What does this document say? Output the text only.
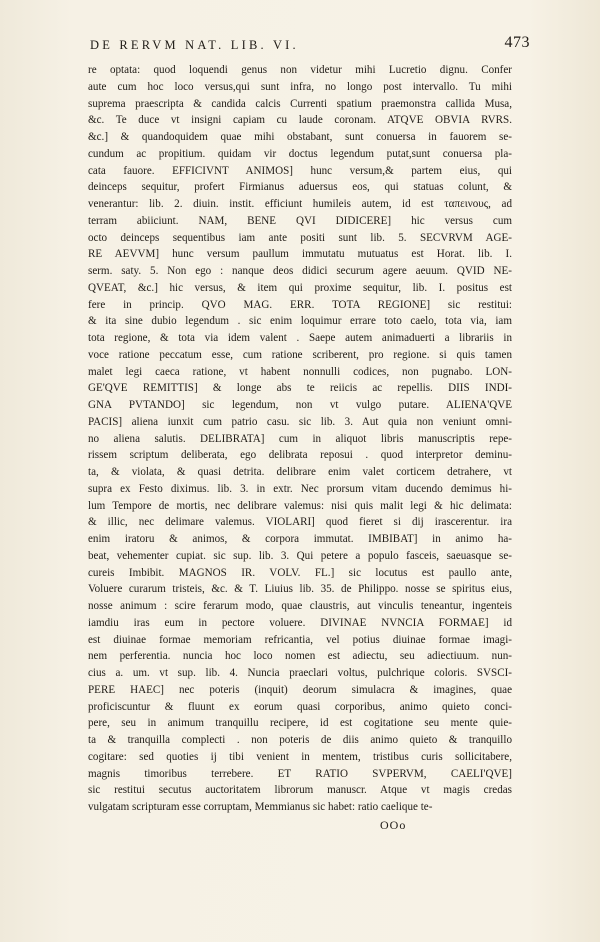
DE RERVM NAT. LIB. VI.	473
re optata: quod loquendi genus non videtur mihi Lucretio dignu. Confer
aute cum hoc loco versus,qui sunt infra, no longo post intervallo. Tu mihi
suprema praescripta & candida calcis Currenti spatium praemonstra callida Musa,
&c. Te duce vt insigni capiam cu laude coronam. ATQVE OBVIA RVRS.
&c.] & quandoquidem quae mihi obstabant, sunt conuersa in fauorem se-
cundum ac propitium. quidam vir doctus legendum putat,sunt conuersa pla-
cata fauore. EFFICIVNT ANIMOS] hunc versum,& partem eius, qui
deinceps sequitur, profert Firmianus aduersus eos, qui statuas colunt, &
venerantur: lib. 2. diuin. instit. efficiunt humileis autem, id est ταπεινους, ad
terram abiiciunt. NAM, BENE QVI DIDICERE] hic versus cum
octo deinceps sequentibus iam ante positi sunt lib. 5. SECVRVM AGE-
RE AEVVM] hunc versum paullum immutatu mutuatus est Horat. lib. I.
serm. saty. 5. Non ego : nanque deos didici securum agere aeuum. QVID NE-
QVEAT, &c.] hic versus, & item qui proxime sequitur, lib. I. positus est
fere in princip. QVO MAG. ERR. TOTA REGIONE] sic restitui:
& ita sine dubio legendum . sic enim loquimur errare toto caelo, tota via, iam
tota regione, & tota via idem valent . Saepe autem animaduerti a librariis in
voce ratione peccatum esse, cum ratione scriberent, pro regione. si quis tamen
malet legi caeca ratione, vt habent nonnulli codices, non pugnabo. LON-
GE'QVE REMITTIS] & longe abs te reiicis ac repellis. DIIS INDI-
GNA PVTANDO] sic legendum, non vt vulgo putare. ALIENA'QVE
PACIS] aliena iunxit cum patrio casu. sic lib. 3. Aut quia non veniunt omni-
no aliena salutis. DELIBRATA] cum in aliquot libris manuscriptis repe-
rissem scriptum deliberata, ego delibrata reposui . quod interpretor deminu-
ta, & violata, & quasi detrita. delibrare enim valet corticem detrahere, vt
supra ex Festo diximus. lib. 3. in extr. Nec prorsum vitam ducendo demimus hi-
lum Tempore de mortis, nec delibrare valemus: nisi quis malit legi & hic delimata:
& illic, nec delimare valemus. VIOLARI] quod fieret si dij irascerentur. ira
enim iratoru & animos, & corpora immutat. IMBIBAT] in animo ha-
beat, vehementer cupiat. sic sup. lib. 3. Qui petere a populo fasceis, saeuasque se-
cureis Imbibit. MAGNOS IR. VOLV. FL.] sic locutus est paullo ante,
Voluere curarum tristeis, &c. & T. Liuius lib. 35. de Philippo. nosse se spiritus eius,
nosse animum : scire ferarum modo, quae claustris, aut vinculis teneantur, ingenteis
iamdiu iras eum in pectore voluere. DIVINAE NVNCIA FORMAE] id
est diuinae formae memoriam refricantia, vel potius diuinae formae imagi-
nem perferentia. nuncia hoc loco nomen est adiectu, seu adiectiuum. nun-
cius a. um. vt sup. lib. 4. Nuncia praeclari voltus, pulchrique coloris. SVSCI-
PERE HAEC] nec poteris (inquit) deorum simulacra & imagines, quae
proficiscuntur & fluunt ex eorum quasi corporibus, animo quieto conci-
pere, seu in animum tranquillu recipere, id est cogitatione seu mente quie-
ta & tranquilla complecti . non poteris de diis animo quieto & tranquillo
cogitare: sed quoties ij tibi venient in mentem, tristibus curis sollicitabere,
magnis timoribus terrebere. ET RATIO SVPERVM, CAELI'QVE]
sic restitui secutus auctoritatem librorum manuscr. Atque vt magis credas
vulgatam scripturam esse corruptam, Memmianus sic habet: ratio caelique te-
OOo
